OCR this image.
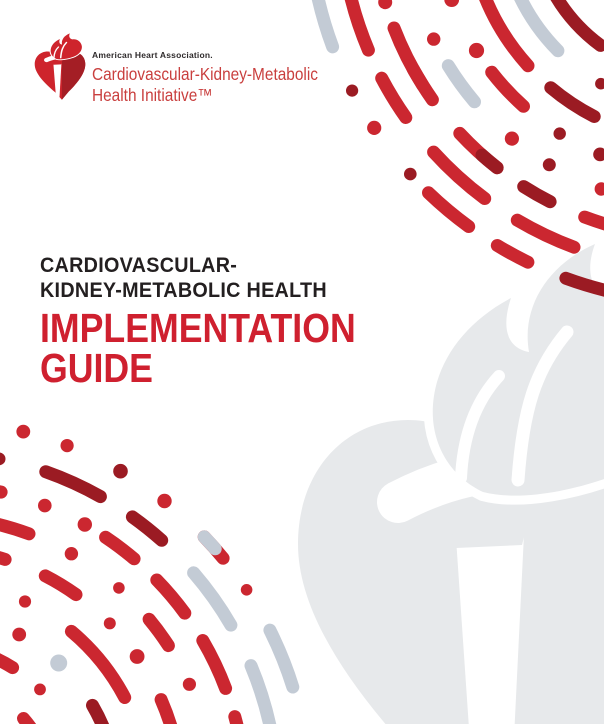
American Heart Association.
Cardiovascular-Kidney-Metabolic
Health Initiative™
CARDIOVASCULAR-
KIDNEY-METABOLIC HEALTH
IMPLEMENTATION
GUIDE
